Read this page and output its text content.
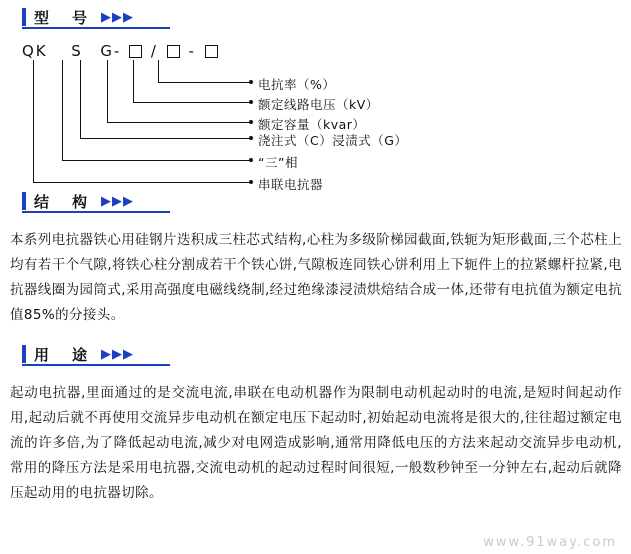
型　号 ▶▶▶
QK S G- / -
电抗率（%）
额定线路电压（kV）
额定容量（kvar）
浇注式（C）浸渍式（G）
“三”相
串联电抗器
结　构 ▶▶▶
本系列电抗器铁心用硅钢片迭积成三柱芯式结构,心柱为多级阶梯园截面,铁轭为矩形截面,三个芯柱上均有若干个气隙,将铁心柱分割成若干个铁心饼,气隙板连同铁心饼利用上下轭件上的拉紧螺杆拉紧,电抗器线圈为园筒式,采用高强度电磁线绕制,经过绝缘漆浸渍烘焙结合成一体,还带有电抗值为额定电抗值85%的分接头。
用　途 ▶▶▶
起动电抗器,里面通过的是交流电流,串联在电动机器作为限制电动机起动时的电流,是短时间起动作用,起动后就不再使用交流异步电动机在额定电压下起动时,初始起动电流将是很大的,往往超过额定电流的许多倍,为了降低起动电流,减少对电网造成影响,通常用降低电压的方法来起动交流异步电动机,常用的降压方法是采用电抗器,交流电动机的起动过程时间很短,一般数秒钟至一分钟左右,起动后就降压起动用的电抗器切除。
www.91way.com
